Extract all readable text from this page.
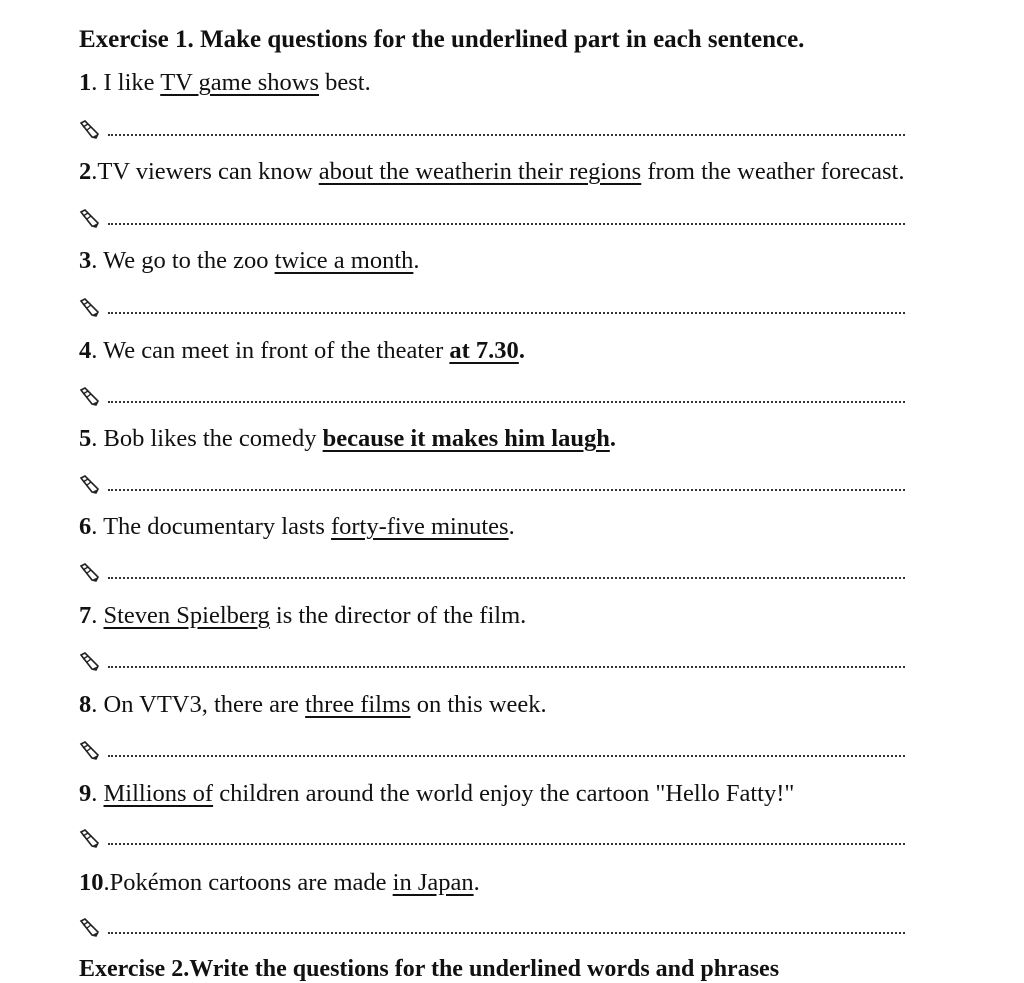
Exercise 1. Make questions for the underlined part in each sentence.
1. I like TV game shows best.
2.TV viewers can know about the weatherin their regions from the weather forecast.
3. We go to the zoo twice a month.
4. We can meet in front of the theater at 7.30.
5. Bob likes the comedy because it makes him laugh.
6. The documentary lasts forty-five minutes.
7. Steven Spielberg is the director of the film.
8. On VTV3, there are three films on this week.
9. Millions of children around the world enjoy the cartoon "Hello Fatty!"
10.Pokémon cartoons are made in Japan.
Exercise 2.Write the questions for the underlined words and phrases
